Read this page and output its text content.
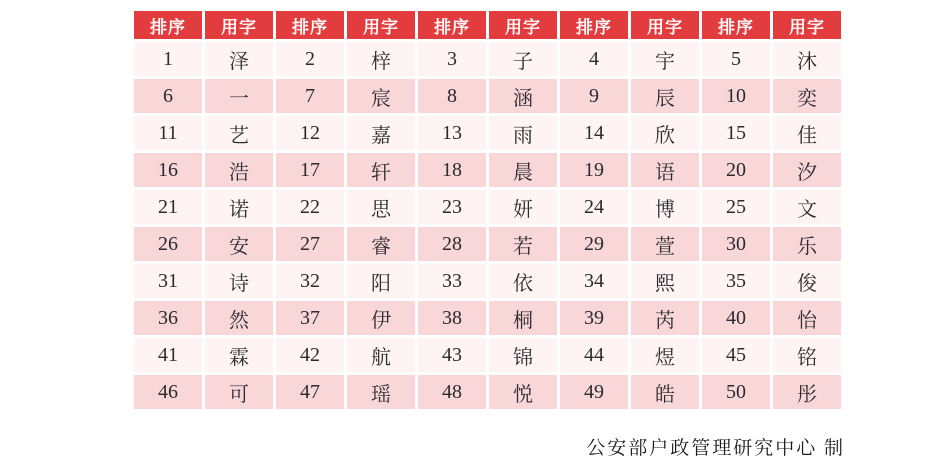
排序	用字	排序	用字	排序	用字	排序	用字	排序	用字
1	泽	2	梓	3	子	4	宇	5	沐
6	一	7	宸	8	涵	9	辰	10	奕
11	艺	12	嘉	13	雨	14	欣	15	佳
16	浩	17	轩	18	晨	19	语	20	汐
21	诺	22	思	23	妍	24	博	25	文
26	安	27	睿	28	若	29	萱	30	乐
31	诗	32	阳	33	依	34	熙	35	俊
36	然	37	伊	38	桐	39	芮	40	怡
41	霖	42	航	43	锦	44	煜	45	铭
46	可	47	瑶	48	悦	49	皓	50	彤
公安部户政管理研究中心 制
